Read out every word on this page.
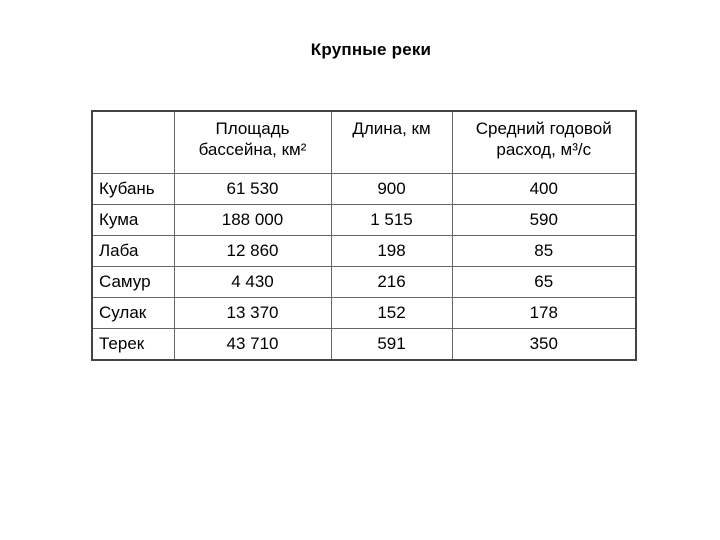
Крупные реки
	Площадь бассейна, км²	Длина, км	Средний годовой расход, м³/с
Кубань	61 530	900	400
Кума	188 000	1 515	590
Лаба	12 860	198	85
Самур	4 430	216	65
Сулак	13 370	152	178
Терек	43 710	591	350
